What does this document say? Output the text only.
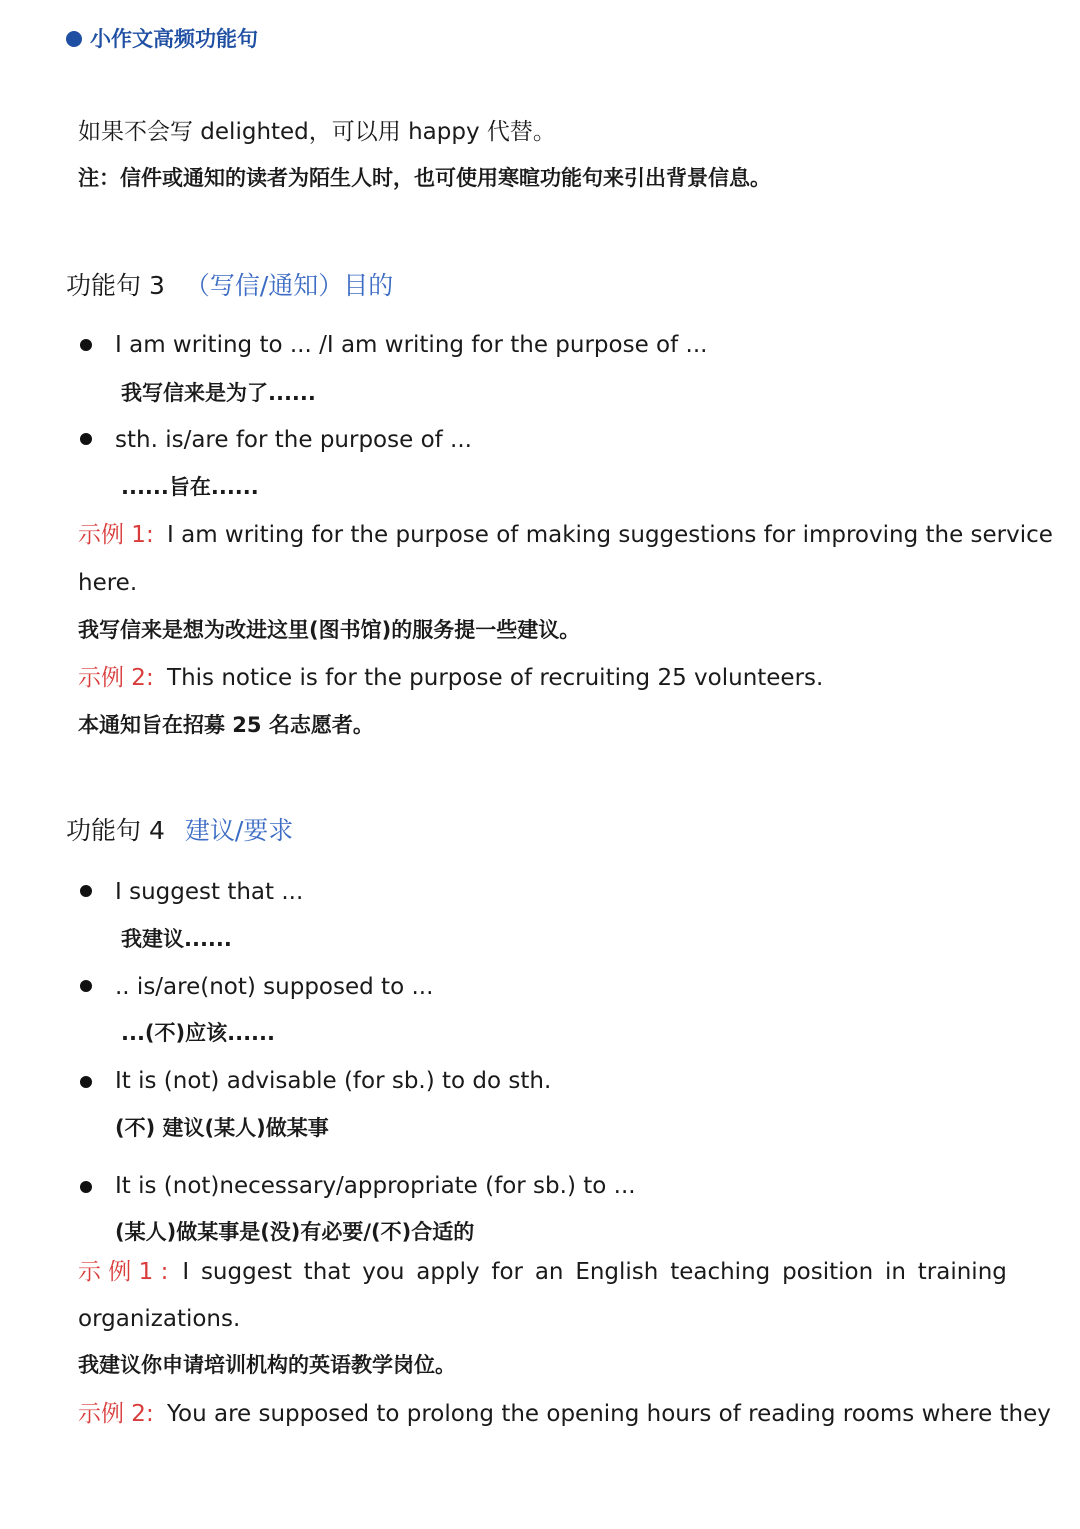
小作文高频功能句
如果不会写 delighted，可以用 happy 代替。
注：信件或通知的读者为陌生人时，也可使用寒暄功能句来引出背景信息。
功能句 3 （写信/通知）目的
I am writing to ... /I am writing for the purpose of ...
我写信来是为了......
sth. is/are for the purpose of ...
......旨在......
示例 1: I am writing for the purpose of making suggestions for improving the service
here.
我写信来是想为改进这里(图书馆)的服务提一些建议。
示例 2: This notice is for the purpose of recruiting 25 volunteers.
本通知旨在招募 25 名志愿者。
功能句 4 建议/要求
I suggest that ...
我建议......
.. is/are(not) supposed to ...
...(不)应该......
It is (not) advisable (for sb.) to do sth.
(不) 建议(某人)做某事
It is (not)necessary/appropriate (for sb.) to ...
(某人)做某事是(没)有必要/(不)合适的
示 例 1 : I suggest that you apply for an English teaching position in training
organizations.
我建议你申请培训机构的英语教学岗位。
示例 2: You are supposed to prolong the opening hours of reading rooms where they
